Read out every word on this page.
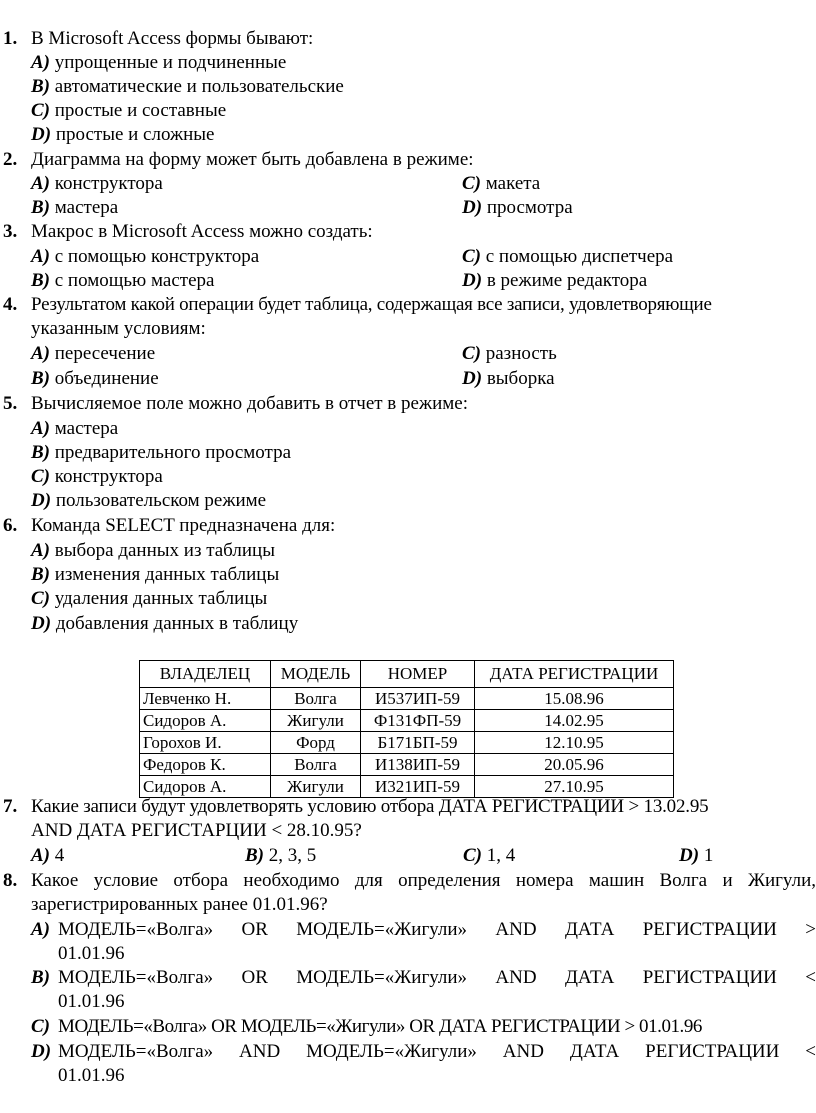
1. В Microsoft Access формы бывают:
A) упрощенные и подчиненные
B) автоматические и пользовательские
C) простые и составные
D) простые и сложные
2. Диаграмма на форму может быть добавлена в режиме:
A) конструктора	C) макета
B) мастера	D) просмотра
3. Макрос в Microsoft Access можно создать:
A) с помощью конструктора	C) с помощью диспетчера
B) с помощью мастера	D) в режиме редактора
4. Результатом какой операции будет таблица, содержащая все записи, удовлетворяющие
указанным условиям:
A) пересечение	C) разность
B) объединение	D) выборка
5. Вычисляемое поле можно добавить в отчет в режиме:
A) мастера
B) предварительного просмотра
C) конструктора
D) пользовательском режиме
6. Команда SELECT предназначена для:
A) выбора данных из таблицы
B) изменения данных таблицы
C) удаления данных таблицы
D) добавления данных в таблицу
ВЛАДЕЛЕЦ	МОДЕЛЬ	НОМЕР	ДАТА РЕГИСТРАЦИИ
Левченко Н.	Волга	И537ИП-59	15.08.96
Сидоров А.	Жигули	Ф131ФП-59	14.02.95
Горохов И.	Форд	Б171БП-59	12.10.95
Федоров К.	Волга	И138ИП-59	20.05.96
Сидоров А.	Жигули	И321ИП-59	27.10.95
7. Какие записи будут удовлетворять условию отбора ДАТА РЕГИСТРАЦИИ > 13.02.95
AND ДАТА РЕГИСТАРЦИИ < 28.10.95?
A) 4	B) 2, 3, 5	C) 1, 4	D) 1
8. Какое условие отбора необходимо для определения номера машин Волга и Жигули,
зарегистрированных ранее 01.01.96?
A) МОДЕЛЬ=«Волга» OR МОДЕЛЬ=«Жигули» AND ДАТА РЕГИСТРАЦИИ >
01.01.96
B) МОДЕЛЬ=«Волга» OR МОДЕЛЬ=«Жигули» AND ДАТА РЕГИСТРАЦИИ <
01.01.96
C) МОДЕЛЬ=«Волга» OR МОДЕЛЬ=«Жигули» OR ДАТА РЕГИСТРАЦИИ > 01.01.96
D) МОДЕЛЬ=«Волга» AND МОДЕЛЬ=«Жигули» AND ДАТА РЕГИСТРАЦИИ <
01.01.96
